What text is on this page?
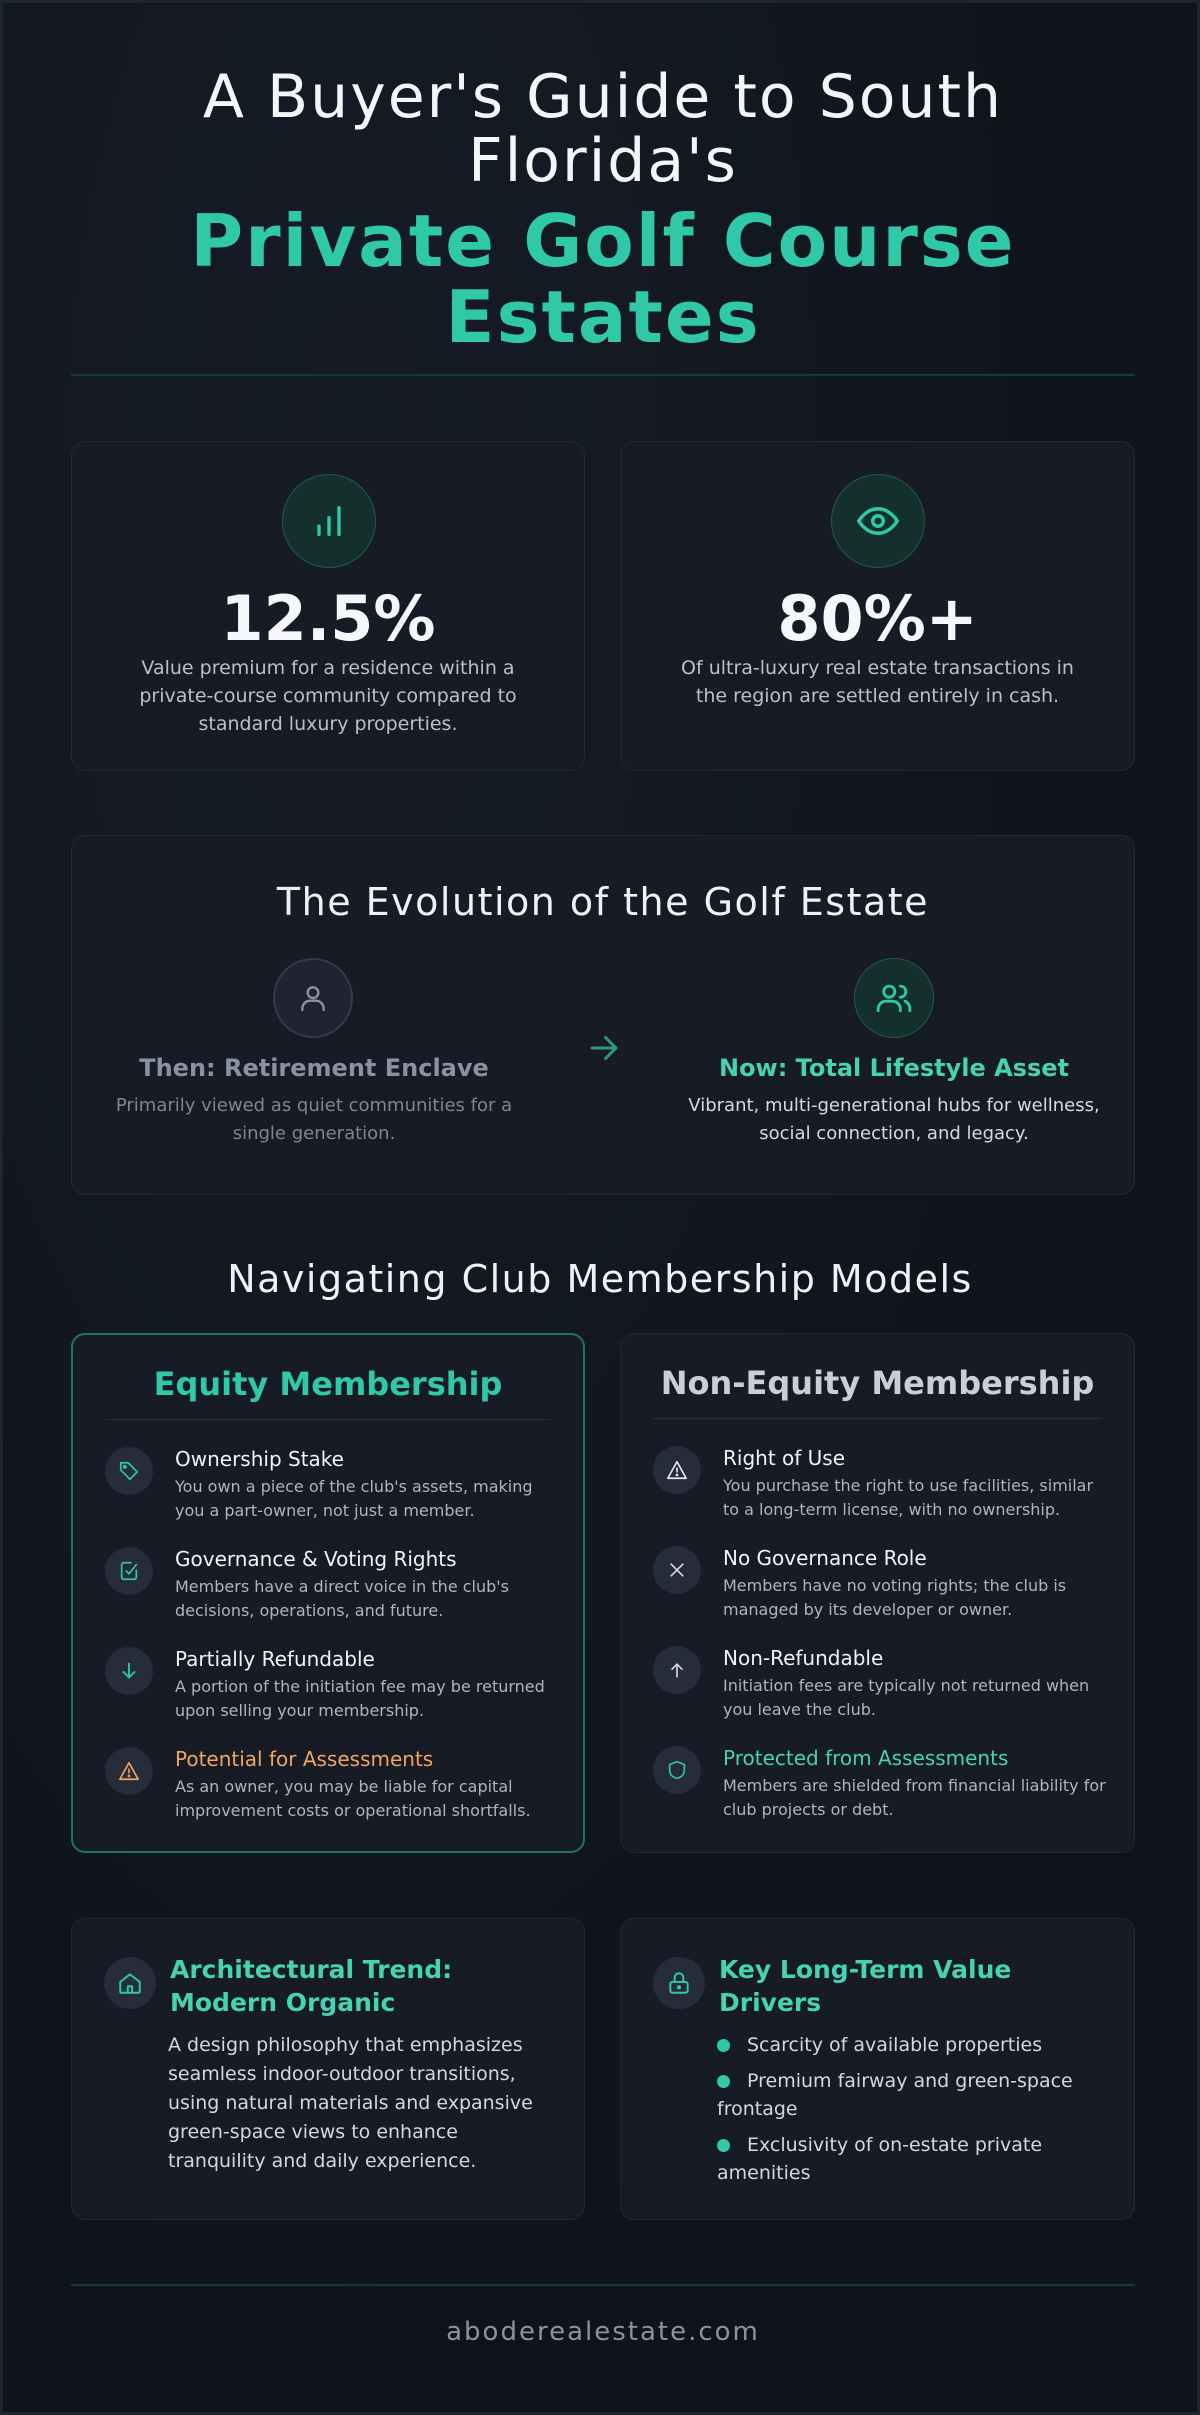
A Buyer's Guide to South Florida's
Private Golf Course Estates
12.5%
Value premium for a residence within a private-course community compared to standard luxury properties.
80%+
Of ultra-luxury real estate transactions in the region are settled entirely in cash.
The Evolution of the Golf Estate
Then: Retirement Enclave
Primarily viewed as quiet communities for a single generation.
Now: Total Lifestyle Asset
Vibrant, multi-generational hubs for wellness, social connection, and legacy.
Navigating Club Membership Models
Equity Membership
Ownership Stake
You own a piece of the club's assets, making you a part-owner, not just a member.
Governance & Voting Rights
Members have a direct voice in the club's decisions, operations, and future.
Partially Refundable
A portion of the initiation fee may be returned upon selling your membership.
Potential for Assessments
As an owner, you may be liable for capital improvement costs or operational shortfalls.
Non-Equity Membership
Right of Use
You purchase the right to use facilities, similar to a long-term license, with no ownership.
No Governance Role
Members have no voting rights; the club is managed by its developer or owner.
Non-Refundable
Initiation fees are typically not returned when you leave the club.
Protected from Assessments
Members are shielded from financial liability for club projects or debt.
Architectural Trend: Modern Organic
A design philosophy that emphasizes seamless indoor-outdoor transitions, using natural materials and expansive green-space views to enhance tranquility and daily experience.
Key Long-Term Value Drivers
Scarcity of available properties
Premium fairway and green-space frontage
Exclusivity of on-estate private amenities
aboderealestate.com
